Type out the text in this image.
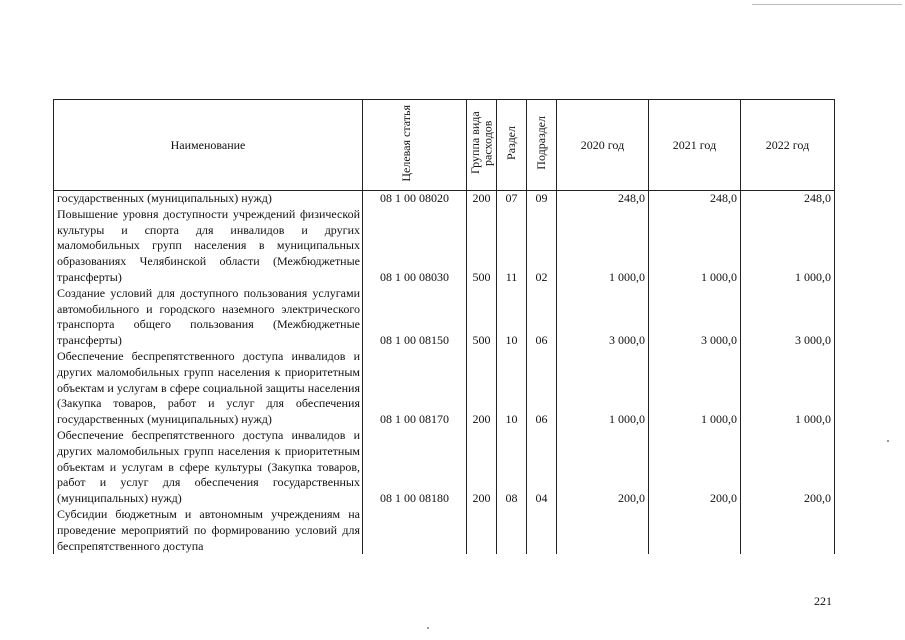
Наименование	Целевая статья	Группа вида расходов	Раздел	Подраздел	2020 год	2021 год	2022 год
государственных (муниципальных) нужд)	08 1 00 08020	200	07	09	248,0	248,0	248,0
Повышение уровня доступности учреждений физической культуры и спорта для инвалидов и других маломобильных групп населения в муниципальных образованиях Челябинской области (Межбюджетные трансферты)	08 1 00 08030	500	11	02	1 000,0	1 000,0	1 000,0
Создание условий для доступного пользования услугами автомобильного и городского наземного электрического транспорта общего пользования (Межбюджетные трансферты)	08 1 00 08150	500	10	06	3 000,0	3 000,0	3 000,0
Обеспечение беспрепятственного доступа инвалидов и других маломобильных групп населения к приоритетным объектам и услугам в сфере социальной защиты населения (Закупка товаров, работ и услуг для обеспечения государственных (муниципальных) нужд)	08 1 00 08170	200	10	06	1 000,0	1 000,0	1 000,0
Обеспечение беспрепятственного доступа инвалидов и других маломобильных групп населения к приоритетным объектам и услугам в сфере культуры (Закупка товаров, работ и услуг для обеспечения государственных (муниципальных) нужд)	08 1 00 08180	200	08	04	200,0	200,0	200,0
Субсидии бюджетным и автономным учреждениям на проведение мероприятий по формированию условий для беспрепятственного доступа							
221
